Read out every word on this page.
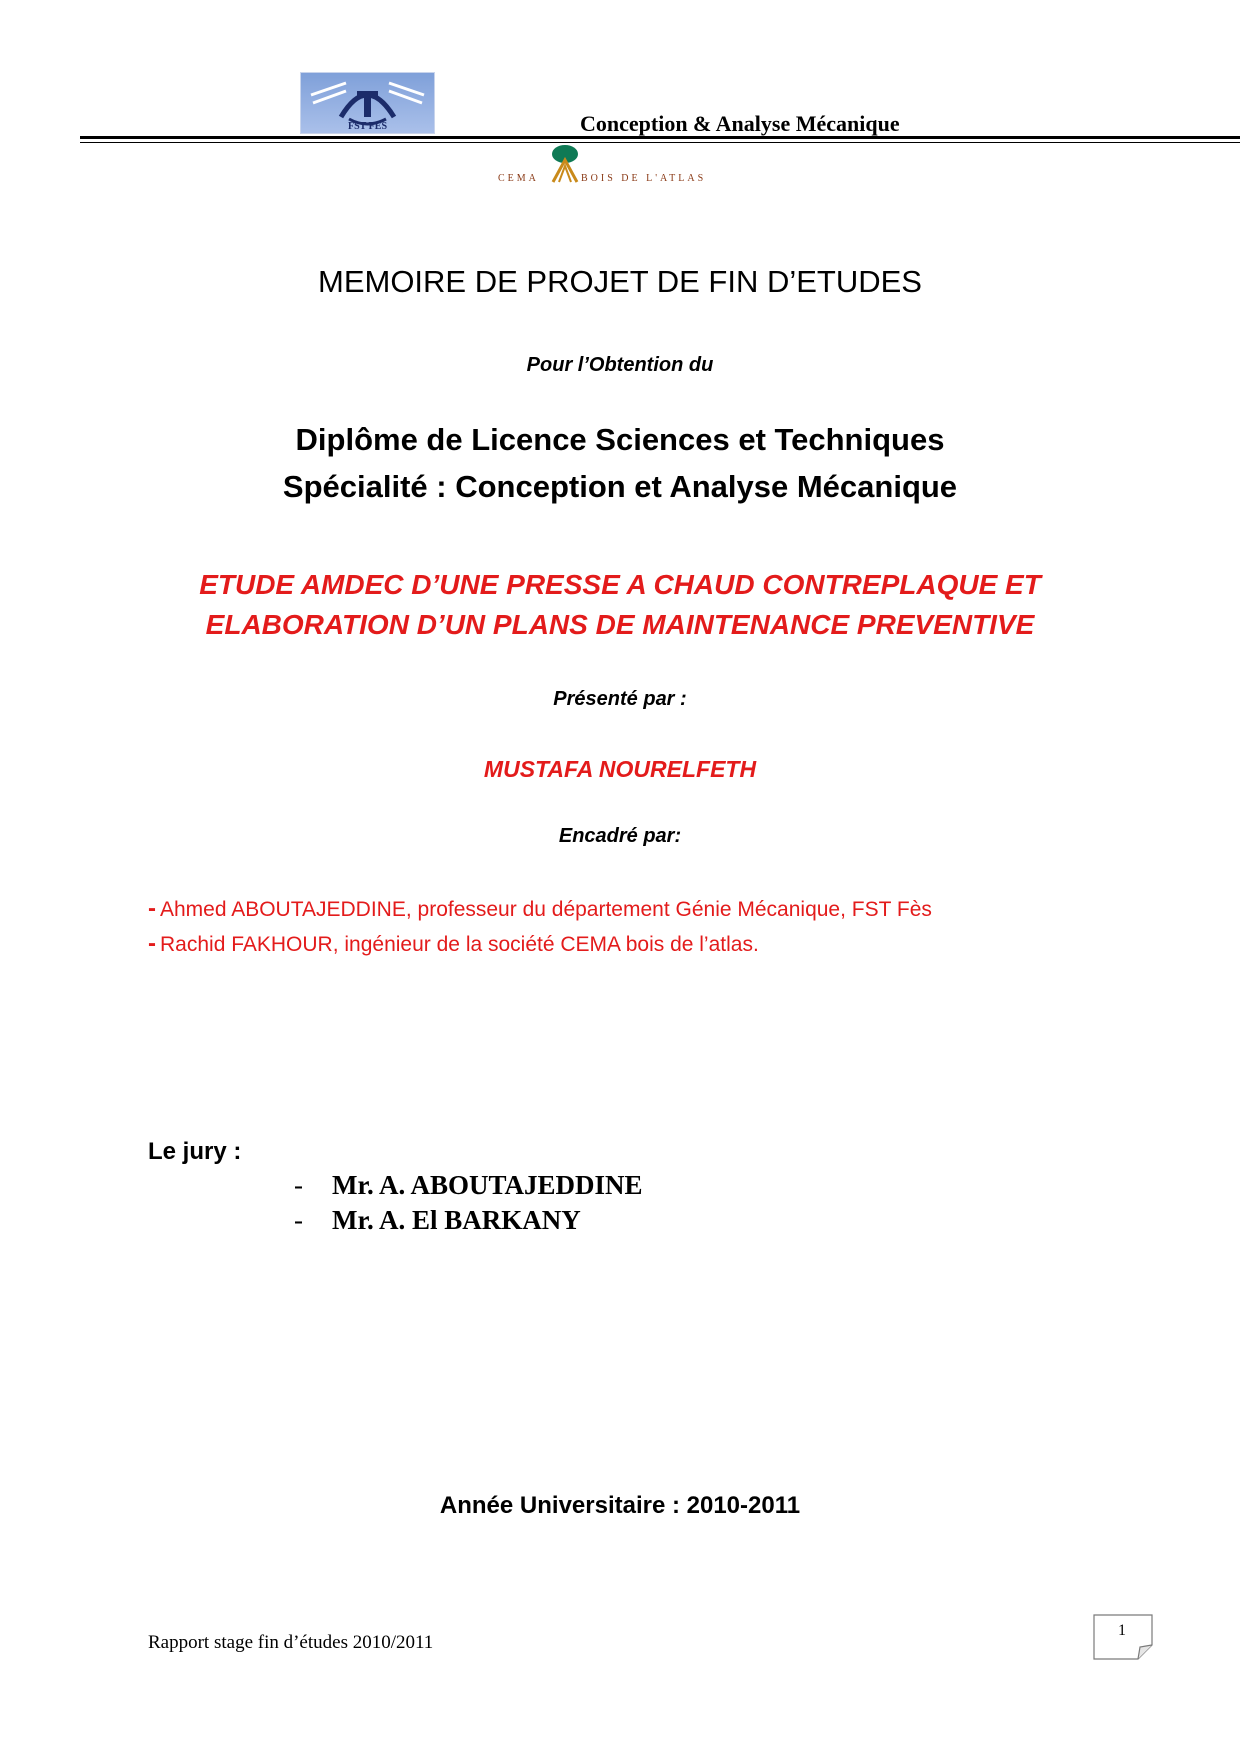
FST FES	Conception & Analyse Mécanique
CEMA	BOIS DE L'ATLAS
MEMOIRE DE PROJET DE FIN D’ETUDES
Pour l’Obtention du
Diplôme de Licence Sciences et Techniques
Spécialité : Conception et Analyse Mécanique
ETUDE AMDEC D’UNE PRESSE A CHAUD CONTREPLAQUE ET
ELABORATION D’UN PLANS DE MAINTENANCE PREVENTIVE
Présenté par :
MUSTAFA NOURELFETH
Encadré par:
- Ahmed ABOUTAJEDDINE, professeur du département Génie Mécanique, FST Fès
- Rachid FAKHOUR, ingénieur de la société CEMA bois de l’atlas.
Le jury :
- Mr. A. ABOUTAJEDDINE
- Mr. A. El BARKANY
Année Universitaire : 2010-2011
Rapport stage fin d’études 2010/2011
1
